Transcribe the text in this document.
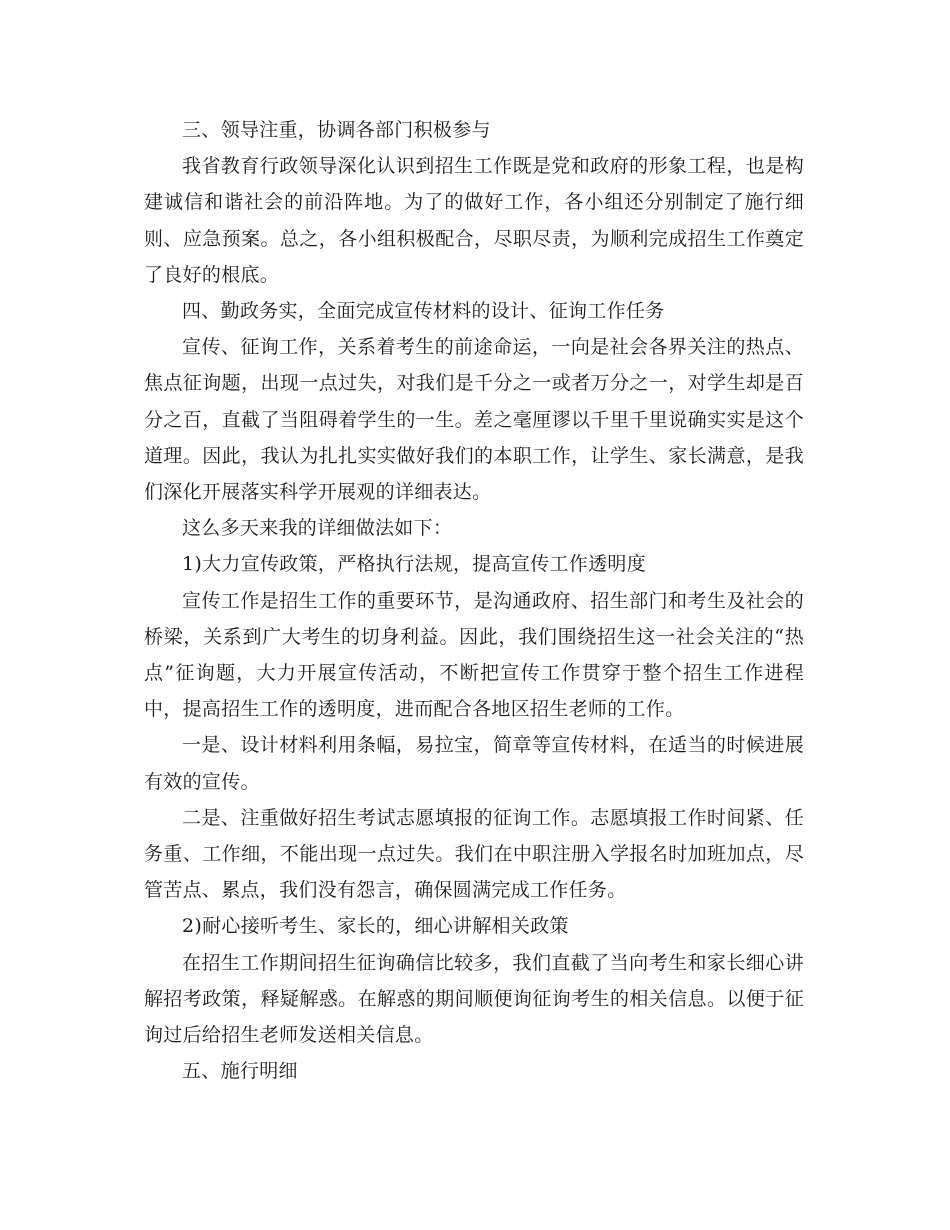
三、领导注重，协调各部门积极参与

我省教育行政领导深化认识到招生工作既是党和政府的形象工程，也是构建诚信和谐社会的前沿阵地。为了的做好工作，各小组还分别制定了施行细则、应急预案。总之，各小组积极配合，尽职尽责，为顺利完成招生工作奠定了良好的根底。

四、勤政务实，全面完成宣传材料的设计、征询工作任务

宣传、征询工作，关系着考生的前途命运，一向是社会各界关注的热点、焦点征询题，出现一点过失，对我们是千分之一或者万分之一，对学生却是百分之百，直截了当阻碍着学生的一生。差之毫厘谬以千里千里说确实实是这个道理。因此，我认为扎扎实实做好我们的本职工作，让学生、家长满意，是我们深化开展落实科学开展观的详细表达。

这么多天来我的详细做法如下：

1)大力宣传政策，严格执行法规，提高宣传工作透明度

宣传工作是招生工作的重要环节，是沟通政府、招生部门和考生及社会的桥梁，关系到广大考生的切身利益。因此，我们围绕招生这一社会关注的“热点”征询题，大力开展宣传活动，不断把宣传工作贯穿于整个招生工作进程中，提高招生工作的透明度，进而配合各地区招生老师的工作。

一是、设计材料利用条幅，易拉宝，简章等宣传材料，在适当的时候进展有效的宣传。

二是、注重做好招生考试志愿填报的征询工作。志愿填报工作时间紧、任务重、工作细，不能出现一点过失。我们在中职注册入学报名时加班加点，尽管苦点、累点，我们没有怨言，确保圆满完成工作任务。

2)耐心接听考生、家长的，细心讲解相关政策

在招生工作期间招生征询确信比较多，我们直截了当向考生和家长细心讲解招考政策，释疑解惑。在解惑的期间顺便询征询考生的相关信息。以便于征询过后给招生老师发送相关信息。

五、施行明细
